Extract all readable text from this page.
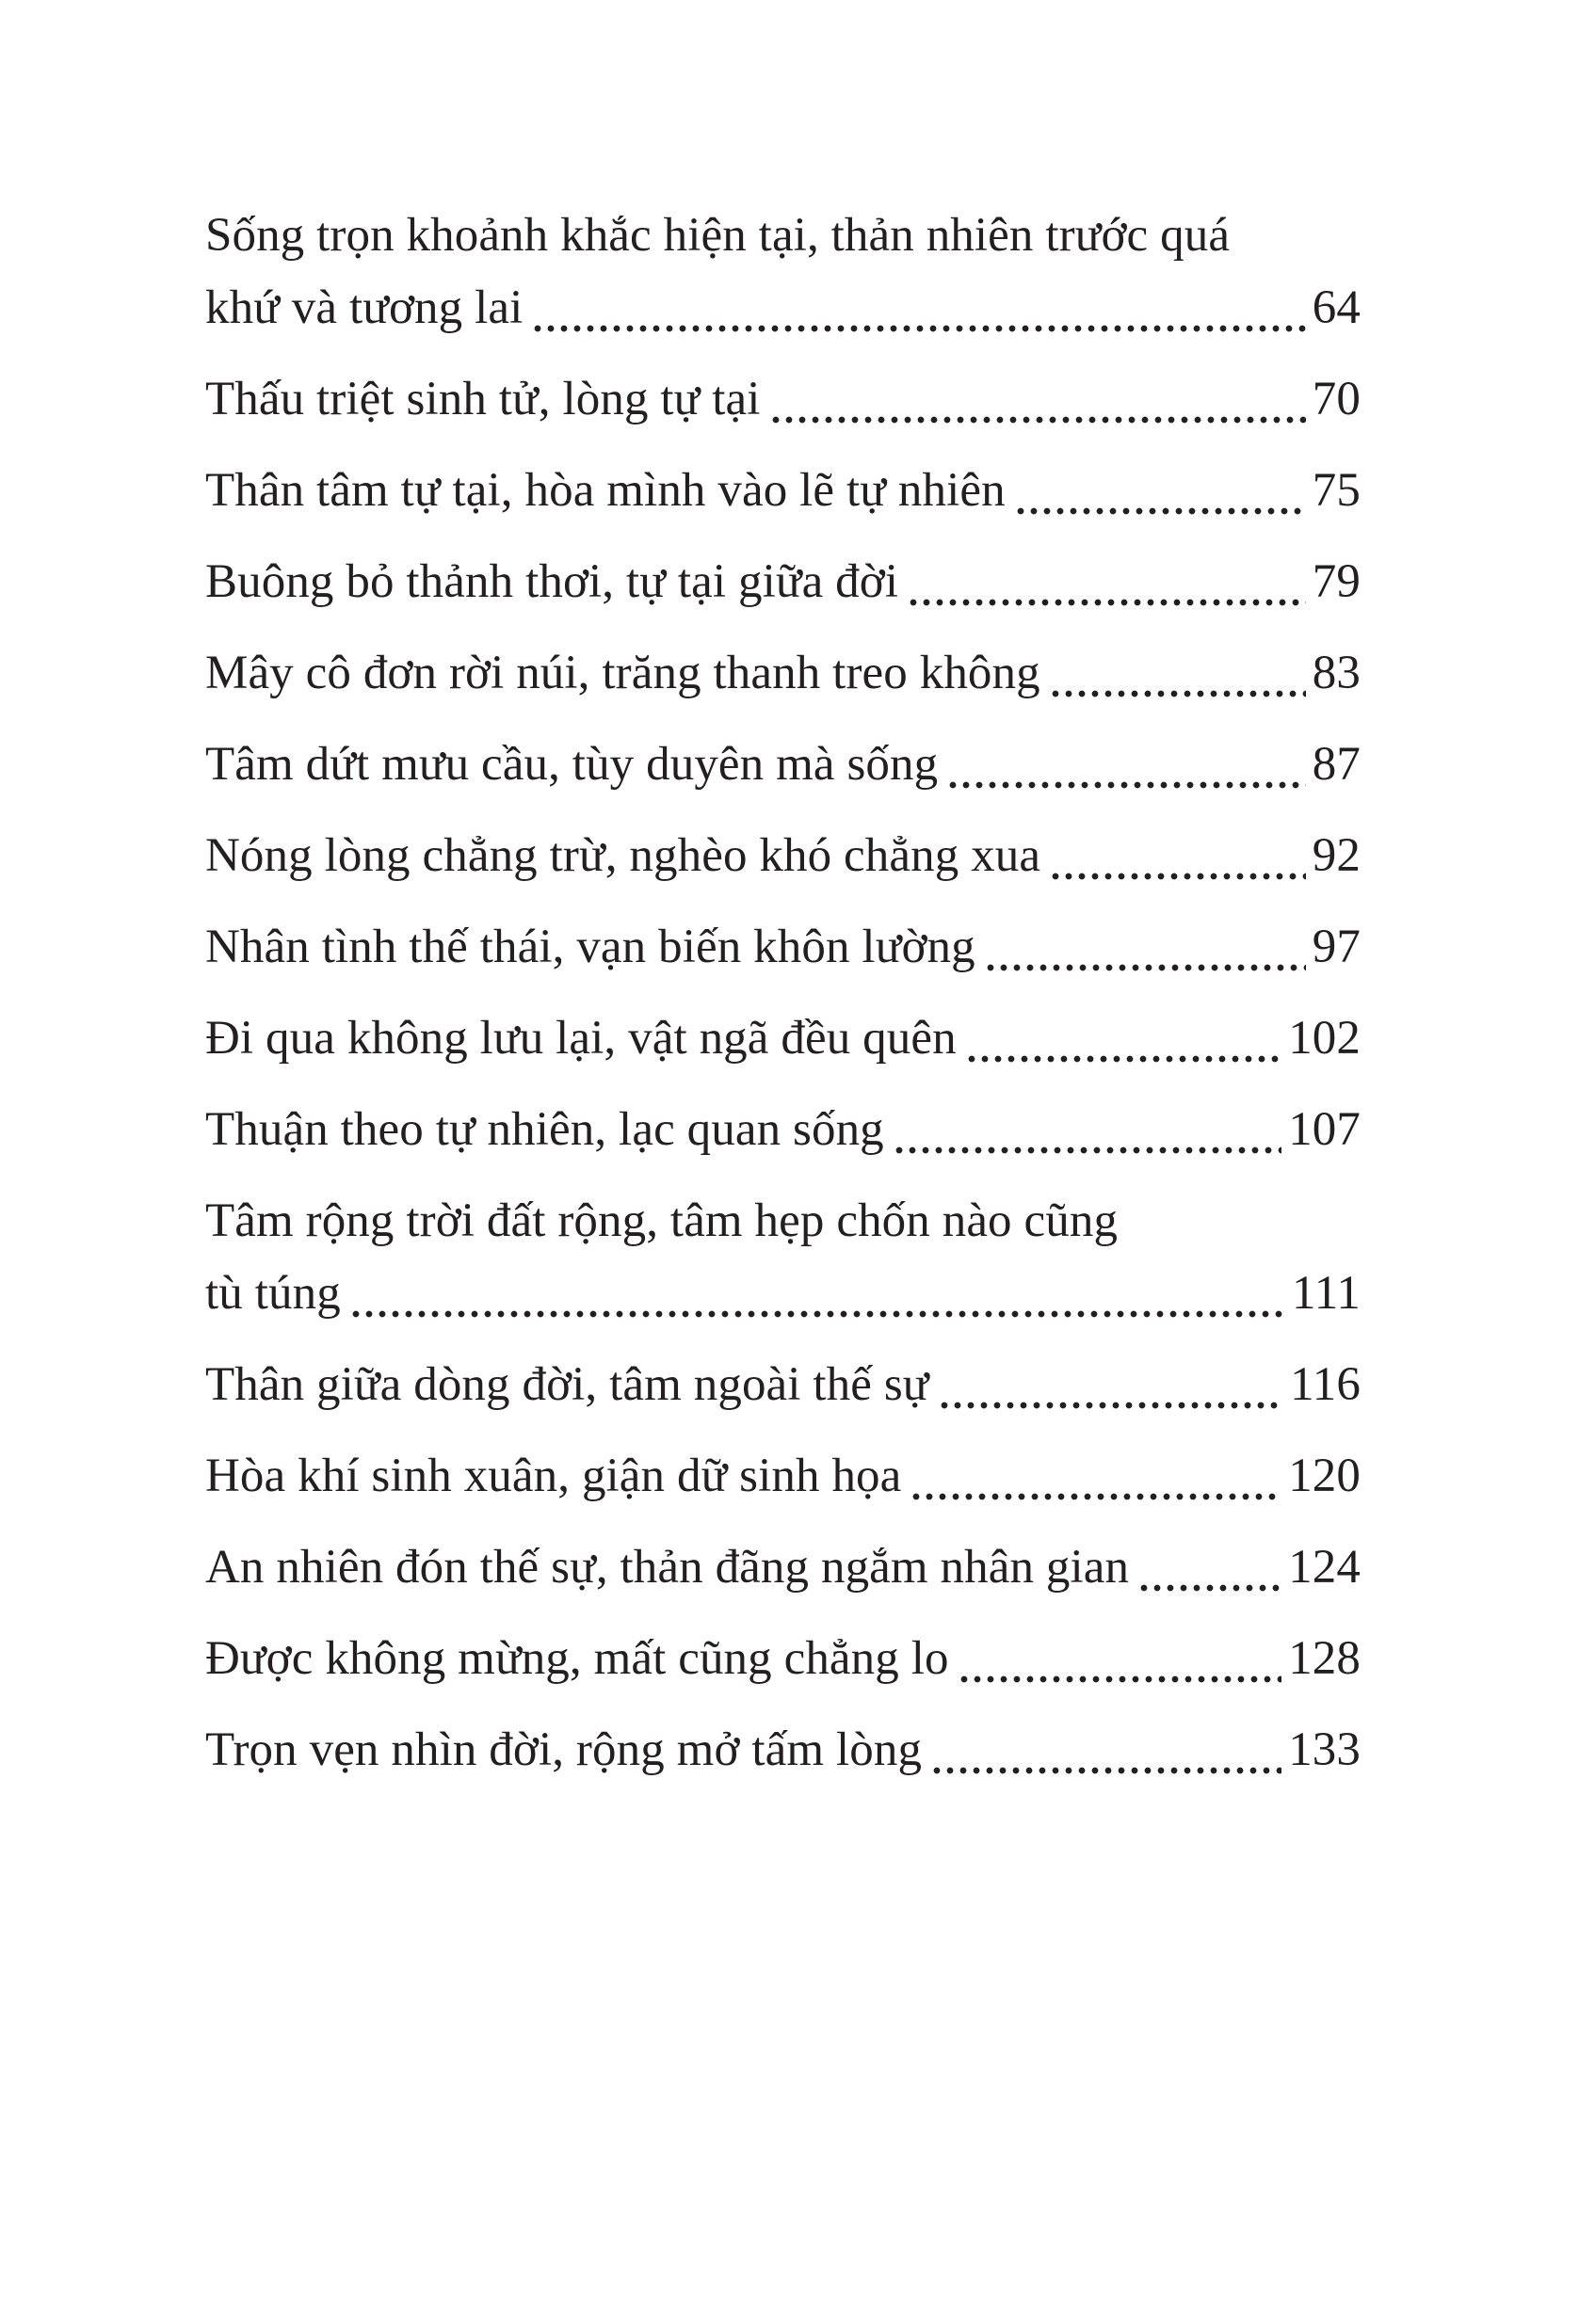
Sống trọn khoảnh khắc hiện tại, thản nhiên trước quá
khứ và tương lai	64
Thấu triệt sinh tử, lòng tự tại	70
Thân tâm tự tại, hòa mình vào lẽ tự nhiên	75
Buông bỏ thảnh thơi, tự tại giữa đời	79
Mây cô đơn rời núi, trăng thanh treo không	83
Tâm dứt mưu cầu, tùy duyên mà sống	87
Nóng lòng chẳng trừ, nghèo khó chẳng xua	92
Nhân tình thế thái, vạn biến khôn lường	97
Đi qua không lưu lại, vật ngã đều quên	102
Thuận theo tự nhiên, lạc quan sống	107
Tâm rộng trời đất rộng, tâm hẹp chốn nào cũng
tù túng	111
Thân giữa dòng đời, tâm ngoài thế sự	116
Hòa khí sinh xuân, giận dữ sinh họa	120
An nhiên đón thế sự, thản đãng ngắm nhân gian	124
Được không mừng, mất cũng chẳng lo	128
Trọn vẹn nhìn đời, rộng mở tấm lòng	133
